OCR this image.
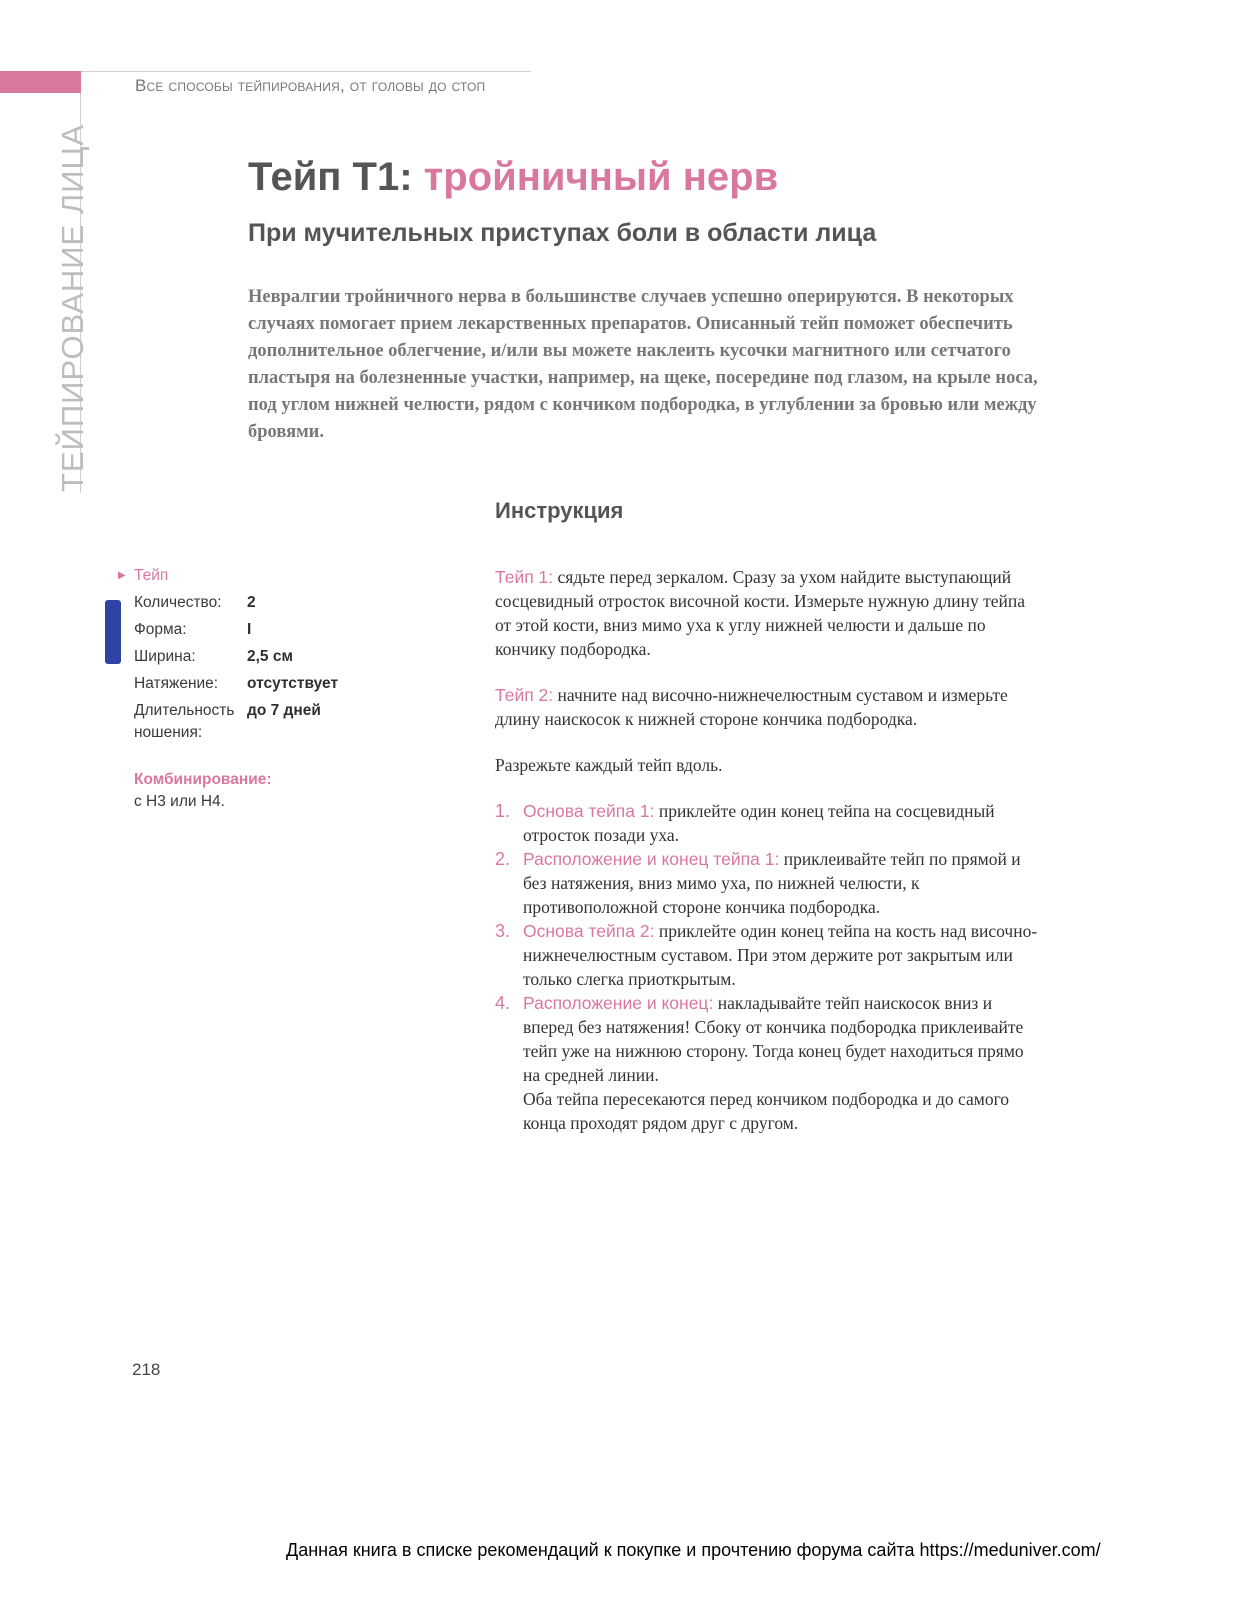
Все способы тейпирования, от головы до стоп
ТЕЙПИРОВАНИЕ ЛИЦА	Тейп Т1: тройничный нерв
При мучительных приступах боли в области лица

Невралгии тройничного нерва в большинстве случаев успешно оперируются. В некоторых случаях помогает прием лекарственных препаратов. Описанный тейп поможет обеспечить дополнительное облегчение, и/или вы можете наклеить кусочки магнитного или сетчатого пластыря на болезненные участки, например, на щеке, посередине под глазом, на крыле носа, под углом нижней челюсти, рядом с кончиком подбородка, в углублении за бровью или между бровями.

Инструкция
▶ Тейп
Количество:	2
Форма:	I
Ширина:	2,5 см
Натяжение:	отсутствует
Длительность ношения:
до 7 дней
Комбинирование:
с Н3 или Н4.

Тейп 1: сядьте перед зеркалом. Сразу за ухом найдите выступающий сосцевидный отросток височной кости. Измерьте нужную длину тейпа от этой кости, вниз мимо уха к углу нижней челюсти и дальше по кончику подбородка.

Тейп 2: начните над височно-нижнечелюстным суставом и измерьте длину наискосок к нижней стороне кончика подбородка.

Разрежьте каждый тейп вдоль.

1. Основа тейпа 1: приклейте один конец тейпа на сосцевидный отросток позади уха.
2. Расположение и конец тейпа 1: приклеивайте тейп по прямой и без натяжения, вниз мимо уха, по нижней челюсти, к противоположной стороне кончика подбородка.
3. Основа тейпа 2: приклейте один конец тейпа на кость над височно-нижнечелюстным суставом. При этом держите рот закрытым или только слегка приоткрытым.
4. Расположение и конец: накладывайте тейп наискосок вниз и вперед без натяжения! Сбоку от кончика подбородка приклеивайте тейп уже на нижнюю сторону. Тогда конец будет находиться прямо на средней линии.
Оба тейпа пересекаются перед кончиком подбородка и до самого конца проходят рядом друг с другом.
218
Данная книга в списке рекомендаций к покупке и прочтению форума сайта https://meduniver.com/
